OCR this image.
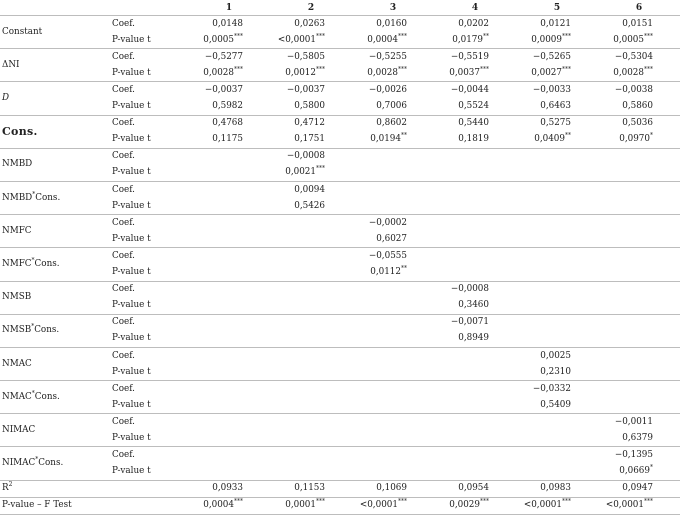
		1	2	3	4	5	6
Constant	Coef.	0,0148	0,0263	0,0160	0,0202	0,0121	0,0151
	P-value t	0,0005***	<0,0001***	0,0004***	0,0179**	0,0009***	0,0005***
ΔNI	Coef.	−0,5277	−0,5805	−0,5255	−0,5519	−0,5265	−0,5304
	P-value t	0,0028***	0,0012***	0,0028***	0,0037***	0,0027***	0,0028***
D	Coef.	−0,0037	−0,0037	−0,0026	−0,0044	−0,0033	−0,0038
	P-value t	0,5982	0,5800	0,7006	0,5524	0,6463	0,5860
Cons.	Coef.	0,4768	0,4712	0,8602	0,5440	0,5275	0,5036
	P-value t	0,1175	0,1751	0,0194**	0,1819	0,0409**	0,0970*
NMBD	Coef.		−0,0008				
	P-value t		0,0021***				
NMBD*Cons.	Coef.		0,0094				
	P-value t		0,5426				
NMFC	Coef.			−0,0002			
	P-value t			0,6027			
NMFC*Cons.	Coef.			−0,0555			
	P-value t			0,0112**			
NMSB	Coef.				−0,0008		
	P-value t				0,3460		
NMSB*Cons.	Coef.				−0,0071		
	P-value t				0,8949		
NMAC	Coef.					0,0025	
	P-value t					0,2310	
NMAC*Cons.	Coef.					−0,0332	
	P-value t					0,5409	
NIMAC	Coef.						−0,0011
	P-value t						0,6379
NIMAC*Cons.	Coef.						−0,1395
	P-value t						0,0669*
$R^2$		0,0933	0,1153	0,1069	0,0954	0,0983	0,0947
P-value – F Test		0,0004***	0,0001***	<0,0001***	0,0029***	<0,0001***	<0,0001***
